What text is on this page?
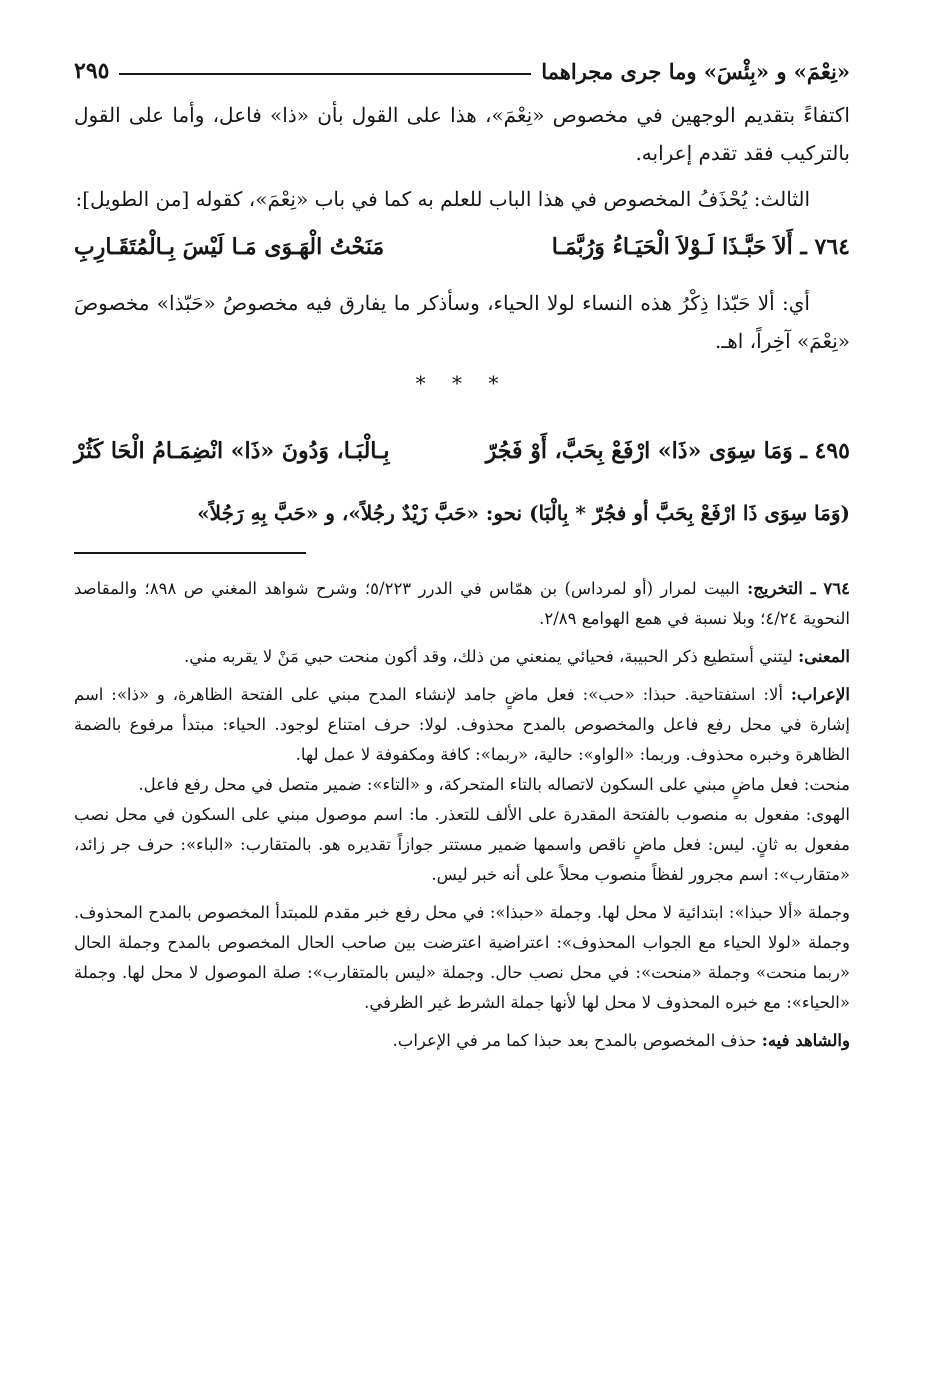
«نِعْمَ» و «بِئْسَ» وما جرى مجراهما
٢٩٥

اكتفاءً بتقديم الوجهين في مخصوص «نِعْمَ»، هذا على القول بأن «ذا» فاعل، وأما على القول بالتركيب فقد تقدم إعرابه.

الثالث: يُحْذَفُ المخصوص في هذا الباب للعلم به كما في باب «نِعْمَ»، كقوله [من الطويل]:

٧٦٤ ـ أَلاَ حَبَّـذَا لَـوْلاَ الْحَيَـاءُ وَرُبَّمَـا
مَنَحْتُ الْهَـوَى مَـا لَيْسَ بِـالْمُتَقَـارِبِ

أي: ألا حَبّذا ذِكْرُ هذه النساء لولا الحياء، وسأذكر ما يفارق فيه مخصوصُ «حَبّذا» مخصوصَ «نِعْمَ» آخِراً، اهـ.

* * *
٤٩٥ ـ وَمَا سِوَى «ذَا» ارْفَعْ بِحَبَّ، أَوْ فَجُرّ
بِـالْبَـا، وَدُونَ «ذَا» انْضِمَـامُ الْحَا كَثُرْ

(وَمَا سِوَى ذَا ارْفَعْ بِحَبَّ أو فجُرّ * بِالْبَا) نحو: «حَبَّ زَيْدٌ رجُلاً»، و «حَبَّ بِهِ رَجُلاً»

٧٦٤ ـ التخريج: البيت لمرار (أو لمرداس) بن همّاس في الدرر ٥/٢٢٣؛ وشرح شواهد المغني ص ٨٩٨؛ والمقاصد النحوية ٤/٢٤؛ وبلا نسبة في همع الهوامع ٢/٨٩.

المعنى: ليتني أستطيع ذكر الحبيبة، فحيائي يمنعني من ذلك، وقد أكون منحت حبي مَنْ لا يقربه مني.

الإعراب: ألا: استفتاحية. حبذا: «حب»: فعل ماضٍ جامد لإنشاء المدح مبني على الفتحة الظاهرة، و «ذا»: اسم إشارة في محل رفع فاعل والمخصوص بالمدح محذوف. لولا: حرف امتناع لوجود. الحياء: مبتدأ مرفوع بالضمة الظاهرة وخبره محذوف. وربما: «الواو»: حالية، «ربما»: كافة ومكفوفة لا عمل لها.

منحت: فعل ماضٍ مبني على السكون لاتصاله بالتاء المتحركة، و «التاء»: ضمير متصل في محل رفع فاعل.

الهوى: مفعول به منصوب بالفتحة المقدرة على الألف للتعذر. ما: اسم موصول مبني على السكون في محل نصب مفعول به ثانٍ. ليس: فعل ماضٍ ناقص واسمها ضمير مستتر جوازاً تقديره هو. بالمتقارب: «الباء»: حرف جر زائد، «متقارب»: اسم مجرور لفظاً منصوب محلاً على أنه خبر ليس.

وجملة «ألا حبذا»: ابتدائية لا محل لها. وجملة «حبذا»: في محل رفع خبر مقدم للمبتدأ المخصوص بالمدح المحذوف. وجملة «لولا الحياء مع الجواب المحذوف»: اعتراضية اعترضت بين صاحب الحال المخصوص بالمدح وجملة الحال «ربما منحت» وجملة «منحت»: في محل نصب حال. وجملة «ليس بالمتقارب»: صلة الموصول لا محل لها. وجملة «الحياء»: مع خبره المحذوف لا محل لها لأنها جملة الشرط غير الظرفي.

والشاهد فيه: حذف المخصوص بالمدح بعد حبذا كما مر في الإعراب.
